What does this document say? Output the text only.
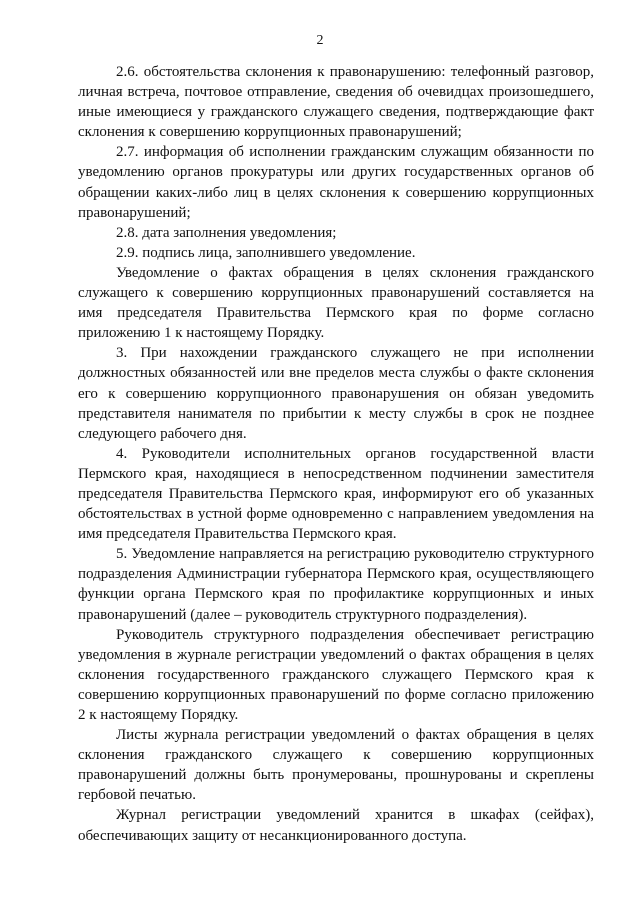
2

2.6. обстоятельства склонения к правонарушению: телефонный разговор, личная встреча, почтовое отправление, сведения об очевидцах произошедшего, иные имеющиеся у гражданского служащего сведения, подтверждающие факт склонения к совершению коррупционных правонарушений;

2.7. информация об исполнении гражданским служащим обязанности по уведомлению органов прокуратуры или других государственных органов об обращении каких-либо лиц в целях склонения к совершению коррупционных правонарушений;

2.8. дата заполнения уведомления;

2.9. подпись лица, заполнившего уведомление.

Уведомление о фактах обращения в целях склонения гражданского служащего к совершению коррупционных правонарушений составляется на имя председателя Правительства Пермского края по форме согласно приложению 1 к настоящему Порядку.

3. При нахождении гражданского служащего не при исполнении должностных обязанностей или вне пределов места службы о факте склонения его к совершению коррупционного правонарушения он обязан уведомить представителя нанимателя по прибытии к месту службы в срок не позднее следующего рабочего дня.

4. Руководители исполнительных органов государственной власти Пермского края, находящиеся в непосредственном подчинении заместителя председателя Правительства Пермского края, информируют его об указанных обстоятельствах в устной форме одновременно с направлением уведомления на имя председателя Правительства Пермского края.

5. Уведомление направляется на регистрацию руководителю структурного подразделения Администрации губернатора Пермского края, осуществляющего функции органа Пермского края по профилактике коррупционных и иных правонарушений (далее – руководитель структурного подразделения).

Руководитель структурного подразделения обеспечивает регистрацию уведомления в журнале регистрации уведомлений о фактах обращения в целях склонения государственного гражданского служащего Пермского края к совершению коррупционных правонарушений по форме согласно приложению 2 к настоящему Порядку.

Листы журнала регистрации уведомлений о фактах обращения в целях склонения гражданского служащего к совершению коррупционных правонарушений должны быть пронумерованы, прошнурованы и скреплены гербовой печатью.

Журнал регистрации уведомлений хранится в шкафах (сейфах), обеспечивающих защиту от несанкционированного доступа.
